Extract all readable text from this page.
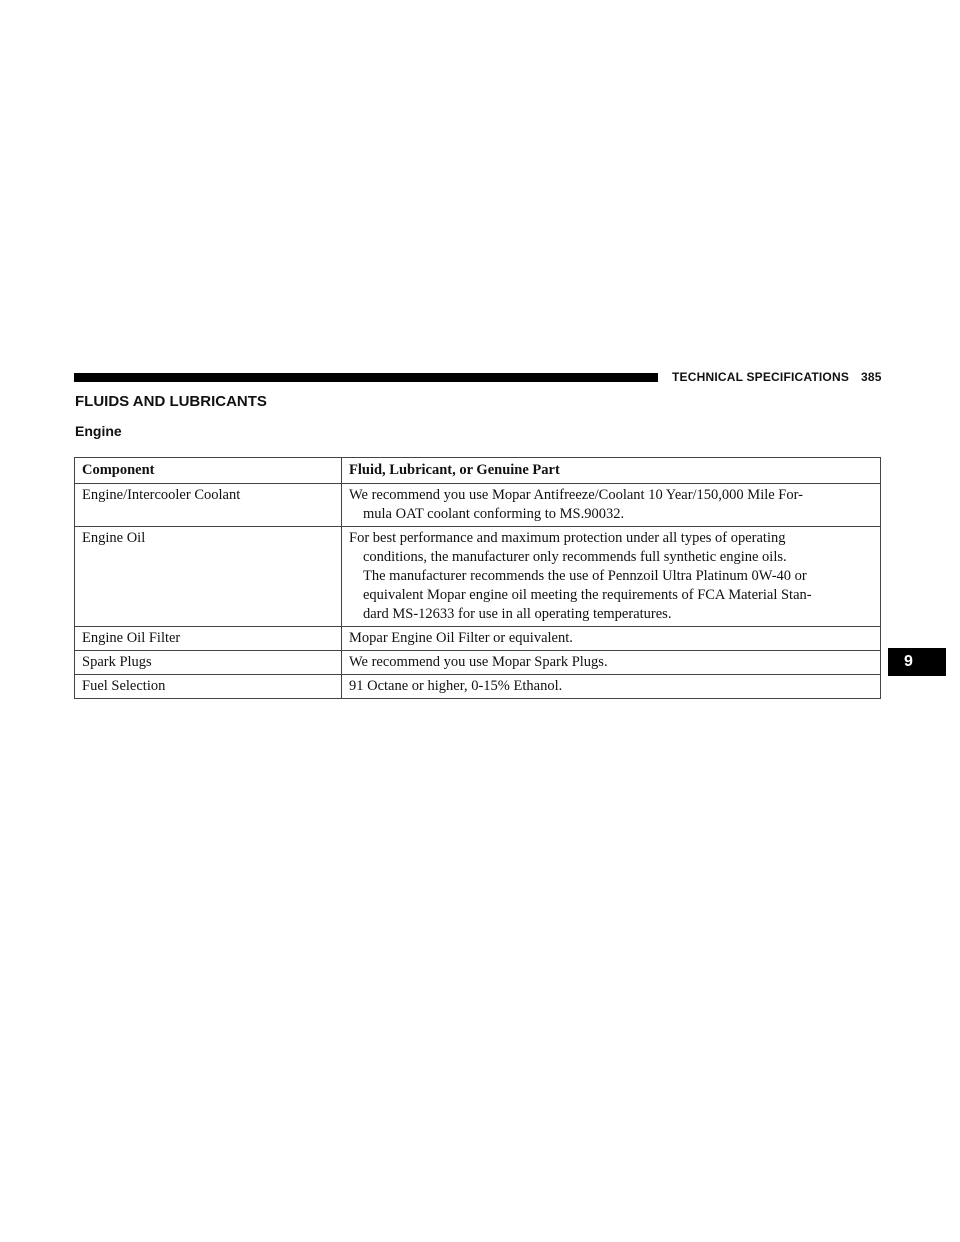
TECHNICAL SPECIFICATIONS 385
FLUIDS AND LUBRICANTS
Engine
Component	Fluid, Lubricant, or Genuine Part
Engine/Intercooler Coolant	We recommend you use Mopar Antifreeze/Coolant 10 Year/150,000 Mile For-
mula OAT coolant conforming to MS.90032.

Engine Oil	For best performance and maximum protection under all types of operating
conditions, the manufacturer only recommends full synthetic engine oils.
The manufacturer recommends the use of Pennzoil Ultra Platinum 0W-40 or
equivalent Mopar engine oil meeting the requirements of FCA Material Stan-
dard MS-12633 for use in all operating temperatures.

Engine Oil Filter	Mopar Engine Oil Filter or equivalent.

Spark Plugs	We recommend you use Mopar Spark Plugs.

Fuel Selection	91 Octane or higher, 0-15% Ethanol.
9
